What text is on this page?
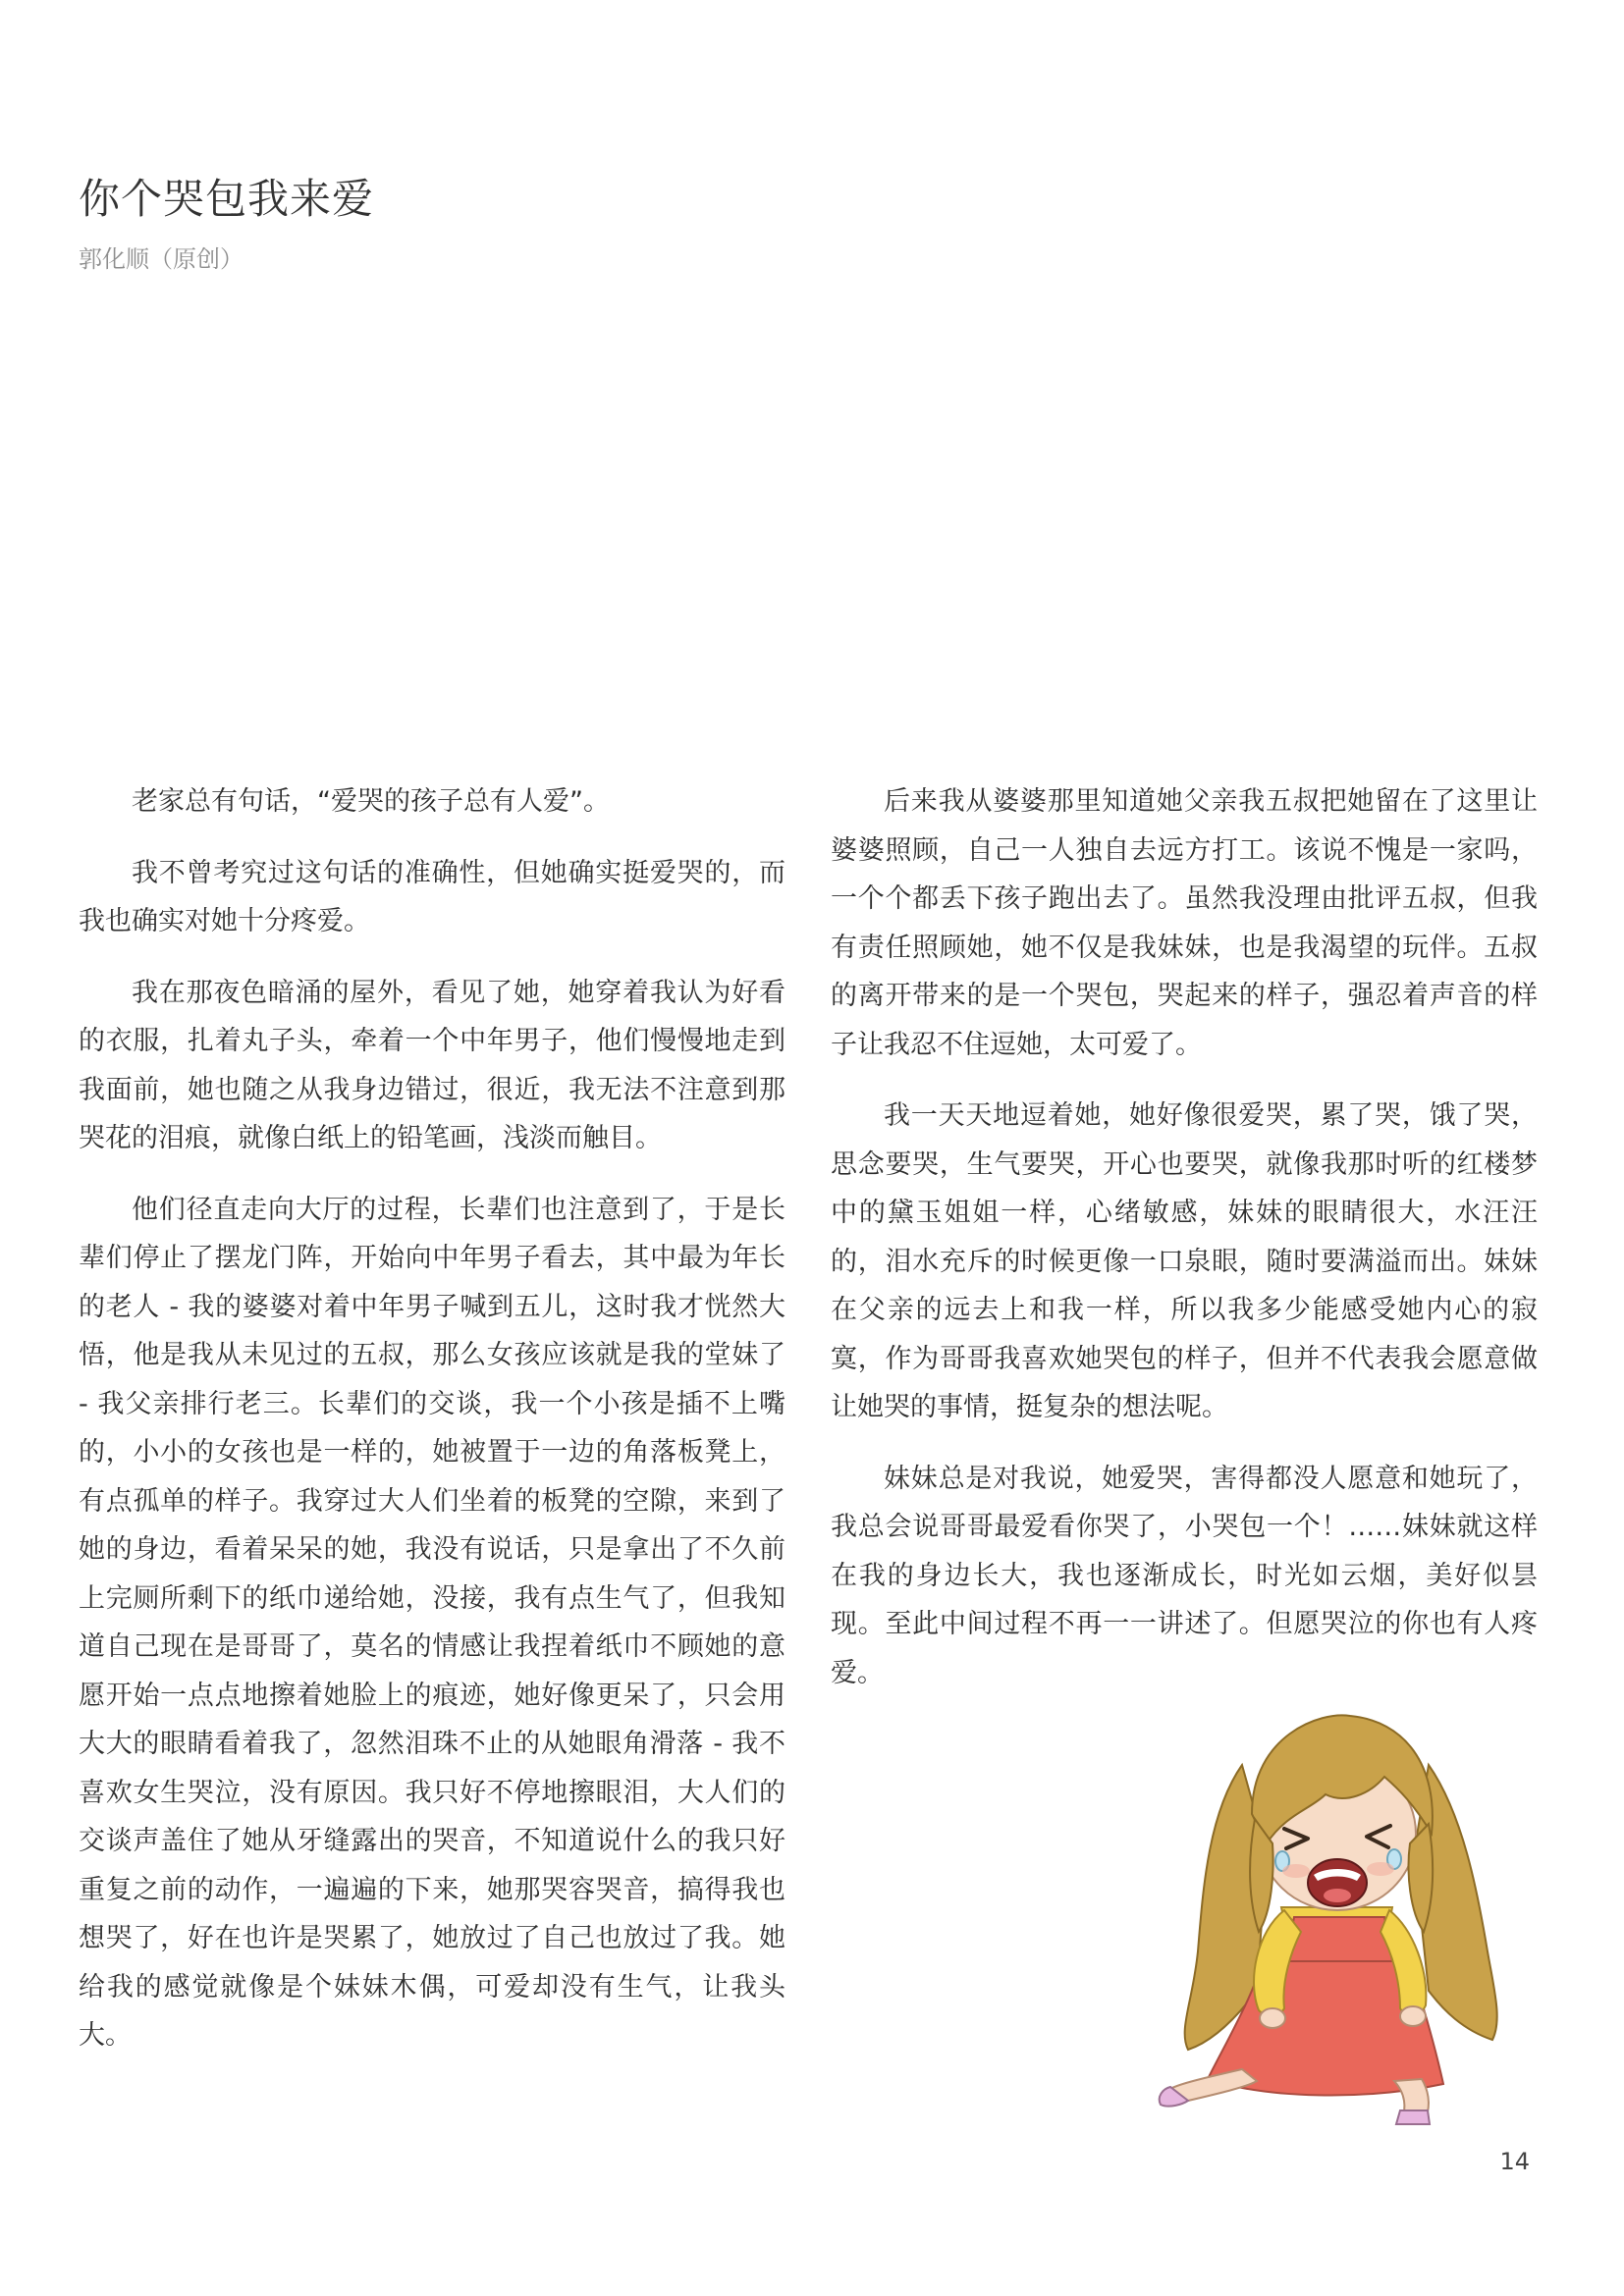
你个哭包我来爱
郭化顺（原创）

老家总有句话，“爱哭的孩子总有人爱”。

我不曾考究过这句话的准确性，但她确实挺爱哭的，而我也确实对她十分疼爱。

我在那夜色暗涌的屋外，看见了她，她穿着我认为好看的衣服，扎着丸子头，牵着一个中年男子，他们慢慢地走到我面前，她也随之从我身边错过，很近，我无法不注意到那哭花的泪痕，就像白纸上的铅笔画，浅淡而触目。

他们径直走向大厅的过程，长辈们也注意到了，于是长辈们停止了摆龙门阵，开始向中年男子看去，其中最为年长的老人 - 我的婆婆对着中年男子喊到五儿，这时我才恍然大悟，他是我从未见过的五叔，那么女孩应该就是我的堂妹了 - 我父亲排行老三。长辈们的交谈，我一个小孩是插不上嘴的，小小的女孩也是一样的，她被置于一边的角落板凳上，有点孤单的样子。我穿过大人们坐着的板凳的空隙，来到了她的身边，看着呆呆的她，我没有说话，只是拿出了不久前上完厕所剩下的纸巾递给她，没接，我有点生气了，但我知道自己现在是哥哥了，莫名的情感让我捏着纸巾不顾她的意愿开始一点点地擦着她脸上的痕迹，她好像更呆了，只会用大大的眼睛看着我了，忽然泪珠不止的从她眼角滑落 - 我不喜欢女生哭泣，没有原因。我只好不停地擦眼泪，大人们的交谈声盖住了她从牙缝露出的哭音，不知道说什么的我只好重复之前的动作，一遍遍的下来，她那哭容哭音，搞得我也想哭了，好在也许是哭累了，她放过了自己也放过了我。她给我的感觉就像是个妹妹木偶，可爱却没有生气，让我头大。

后来我从婆婆那里知道她父亲我五叔把她留在了这里让婆婆照顾，自己一人独自去远方打工。该说不愧是一家吗，一个个都丢下孩子跑出去了。虽然我没理由批评五叔，但我有责任照顾她，她不仅是我妹妹，也是我渴望的玩伴。五叔的离开带来的是一个哭包，哭起来的样子，强忍着声音的样子让我忍不住逗她，太可爱了。

我一天天地逗着她，她好像很爱哭，累了哭，饿了哭，思念要哭，生气要哭，开心也要哭，就像我那时听的红楼梦中的黛玉姐姐一样，心绪敏感，妹妹的眼睛很大，水汪汪的，泪水充斥的时候更像一口泉眼，随时要满溢而出。妹妹在父亲的远去上和我一样，所以我多少能感受她内心的寂寞，作为哥哥我喜欢她哭包的样子，但并不代表我会愿意做让她哭的事情，挺复杂的想法呢。

妹妹总是对我说，她爱哭，害得都没人愿意和她玩了，我总会说哥哥最爱看你哭了，小哭包一个！……妹妹就这样在我的身边长大，我也逐渐成长，时光如云烟，美好似昙现。至此中间过程不再一一讲述了。但愿哭泣的你也有人疼爱。

14
